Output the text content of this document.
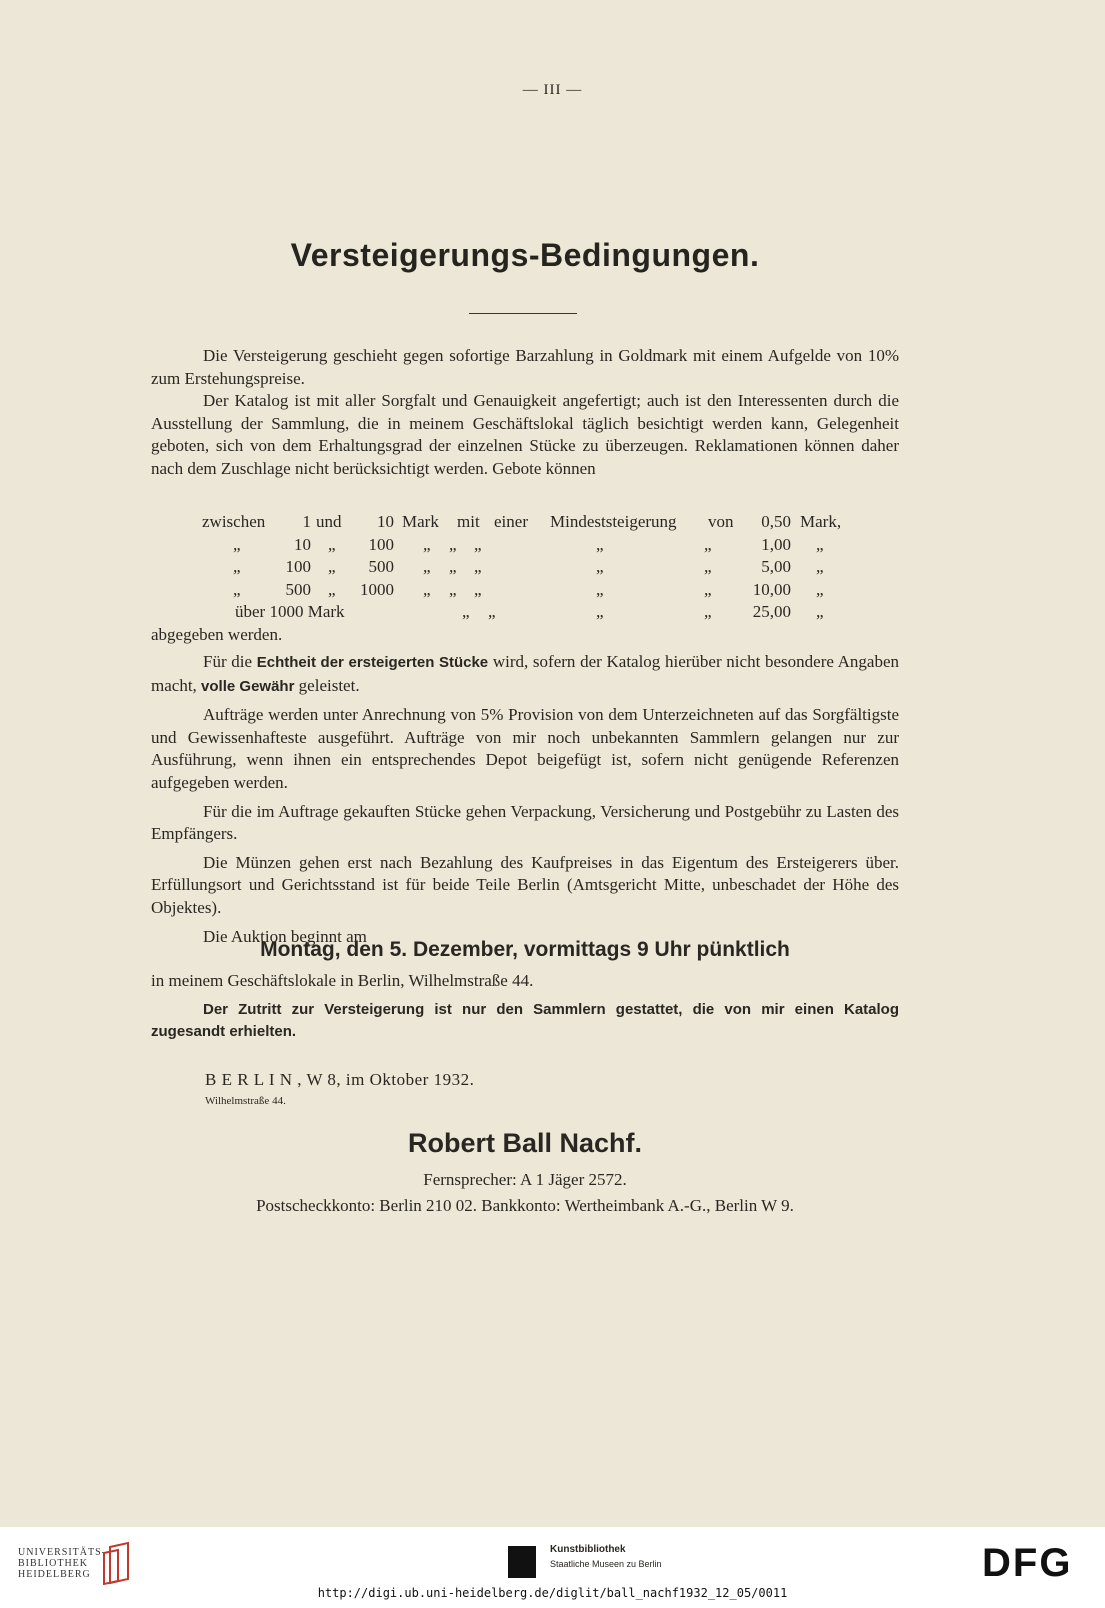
— III —
Versteigerungs-Bedingungen.

Die Versteigerung geschieht gegen sofortige Barzahlung in Goldmark mit einem Aufgelde von 10% zum Erstehungspreise.

Der Katalog ist mit aller Sorgfalt und Genauigkeit angefertigt; auch ist den Interessenten durch die Ausstellung der Sammlung, die in meinem Geschäftslokal täglich besichtigt werden kann, Gelegenheit geboten, sich von dem Erhaltungsgrad der einzelnen Stücke zu überzeugen. Reklamationen können daher nach dem Zuschlage nicht berücksichtigt werden. Gebote können

zwischen	1 und	10 Mark mit einer Mindeststeigerung von	0,50 Mark,
„	10 „	100 „ „ „	„	„	1,00 „
„	100 „	500 „ „ „	„	„	5,00 „
„	500 „	1000 „ „ „	„	„	10,00 „
über 1000 Mark	„ „	„	„	25,00 „
abgegeben werden.

Für die Echtheit der ersteigerten Stücke wird, sofern der Katalog hierüber nicht besondere Angaben macht, volle Gewähr geleistet.

Aufträge werden unter Anrechnung von 5% Provision von dem Unterzeichneten auf das Sorgfältigste und Gewissenhafteste ausgeführt. Aufträge von mir noch unbekannten Sammlern gelangen nur zur Ausführung, wenn ihnen ein entsprechendes Depot beigefügt ist, sofern nicht genügende Referenzen aufgegeben werden.

Für die im Auftrage gekauften Stücke gehen Verpackung, Versicherung und Postgebühr zu Lasten des Empfängers.

Die Münzen gehen erst nach Bezahlung des Kaufpreises in das Eigentum des Ersteigerers über. Erfüllungsort und Gerichtsstand ist für beide Teile Berlin (Amtsgericht Mitte, unbeschadet der Höhe des Objektes).

Die Auktion beginnt am

Montag, den 5. Dezember, vormittags 9 Uhr pünktlich

in meinem Geschäftslokale in Berlin, Wilhelmstraße 44.

Der Zutritt zur Versteigerung ist nur den Sammlern gestattet, die von mir einen Katalog zugesandt erhielten.

B E R L I N , W 8, im Oktober 1932.
Wilhelmstraße 44.
Robert Ball Nachf.
Fernsprecher: A 1 Jäger 2572.
Postscheckkonto: Berlin 210 02. Bankkonto: Wertheimbank A.-G., Berlin W 9.
UNIVERSITÄTS-
BIBLIOTHEK
HEIDELBERG
Kunstbibliothek
Staatliche Museen zu Berlin	DFG
http://digi.ub.uni-heidelberg.de/diglit/ball_nachf1932_12_05/0011
